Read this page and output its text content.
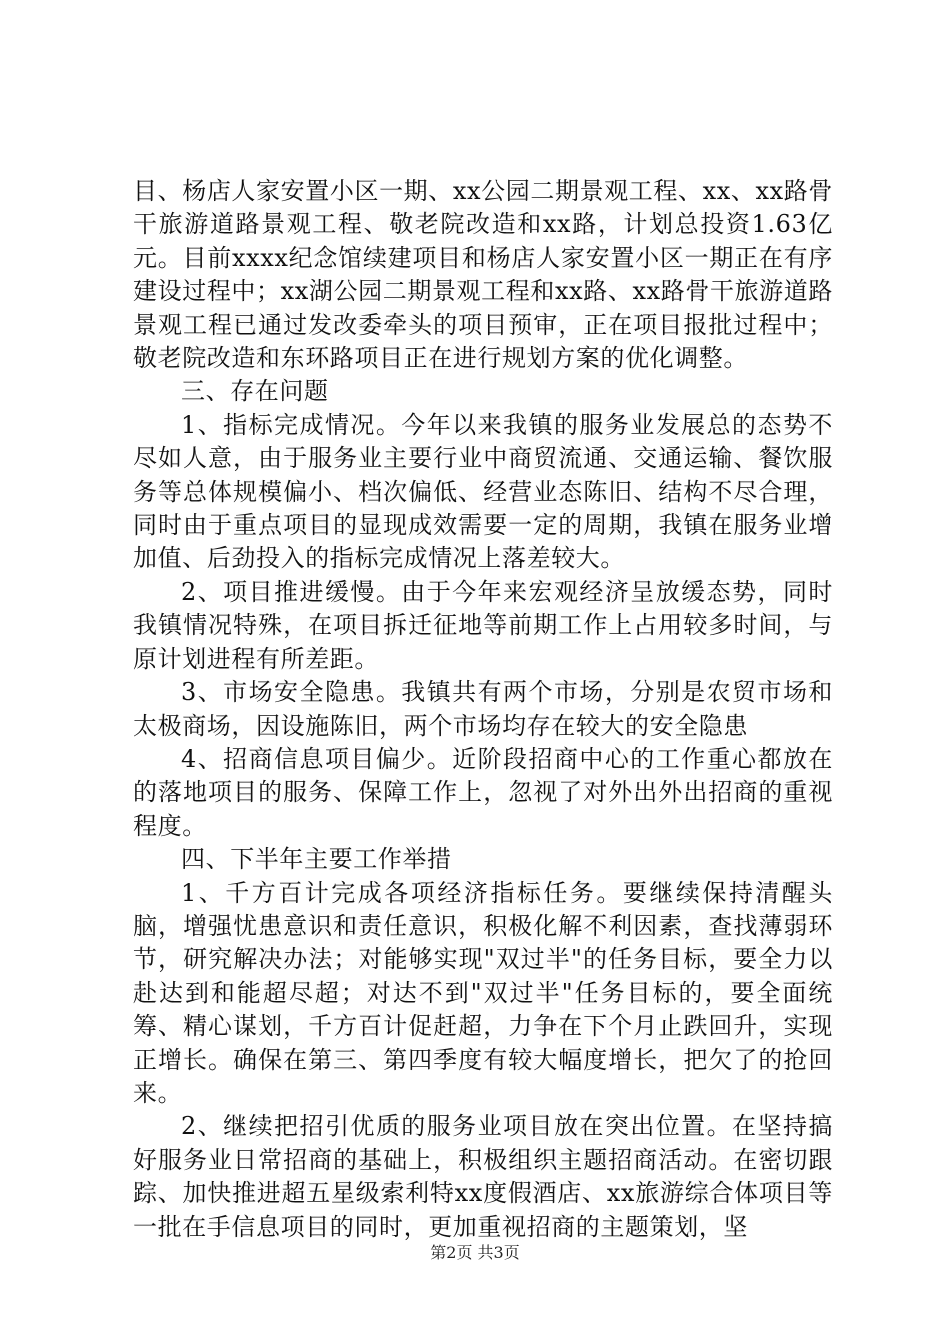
目、杨店人家安置小区一期、xx公园二期景观工程、xx、xx路骨干旅游道路景观工程、敬老院改造和xx路，计划总投资1.63亿元。目前xxxx纪念馆续建项目和杨店人家安置小区一期正在有序建设过程中；xx湖公园二期景观工程和xx路、xx路骨干旅游道路景观工程已通过发改委牵头的项目预审，正在项目报批过程中；敬老院改造和东环路项目正在进行规划方案的优化调整。

三、存在问题

1、指标完成情况。今年以来我镇的服务业发展总的态势不尽如人意，由于服务业主要行业中商贸流通、交通运输、餐饮服务等总体规模偏小、档次偏低、经营业态陈旧、结构不尽合理，同时由于重点项目的显现成效需要一定的周期，我镇在服务业增加值、后劲投入的指标完成情况上落差较大。

2、项目推进缓慢。由于今年来宏观经济呈放缓态势，同时我镇情况特殊，在项目拆迁征地等前期工作上占用较多时间，与原计划进程有所差距。

3、市场安全隐患。我镇共有两个市场，分别是农贸市场和太极商场，因设施陈旧，两个市场均存在较大的安全隐患

4、招商信息项目偏少。近阶段招商中心的工作重心都放在的落地项目的服务、保障工作上，忽视了对外出外出招商的重视程度。

四、下半年主要工作举措

1、千方百计完成各项经济指标任务。要继续保持清醒头脑，增强忧患意识和责任意识，积极化解不利因素，查找薄弱环节，研究解决办法；对能够实现"双过半"的任务目标，要全力以赴达到和能超尽超；对达不到"双过半"任务目标的，要全面统筹、精心谋划，千方百计促赶超，力争在下个月止跌回升，实现正增长。确保在第三、第四季度有较大幅度增长，把欠了的抢回来。

2、继续把招引优质的服务业项目放在突出位置。在坚持搞好服务业日常招商的基础上，积极组织主题招商活动。在密切跟踪、加快推进超五星级索利特xx度假酒店、xx旅游综合体项目等一批在手信息项目的同时，更加重视招商的主题策划，坚

第2页 共3页
